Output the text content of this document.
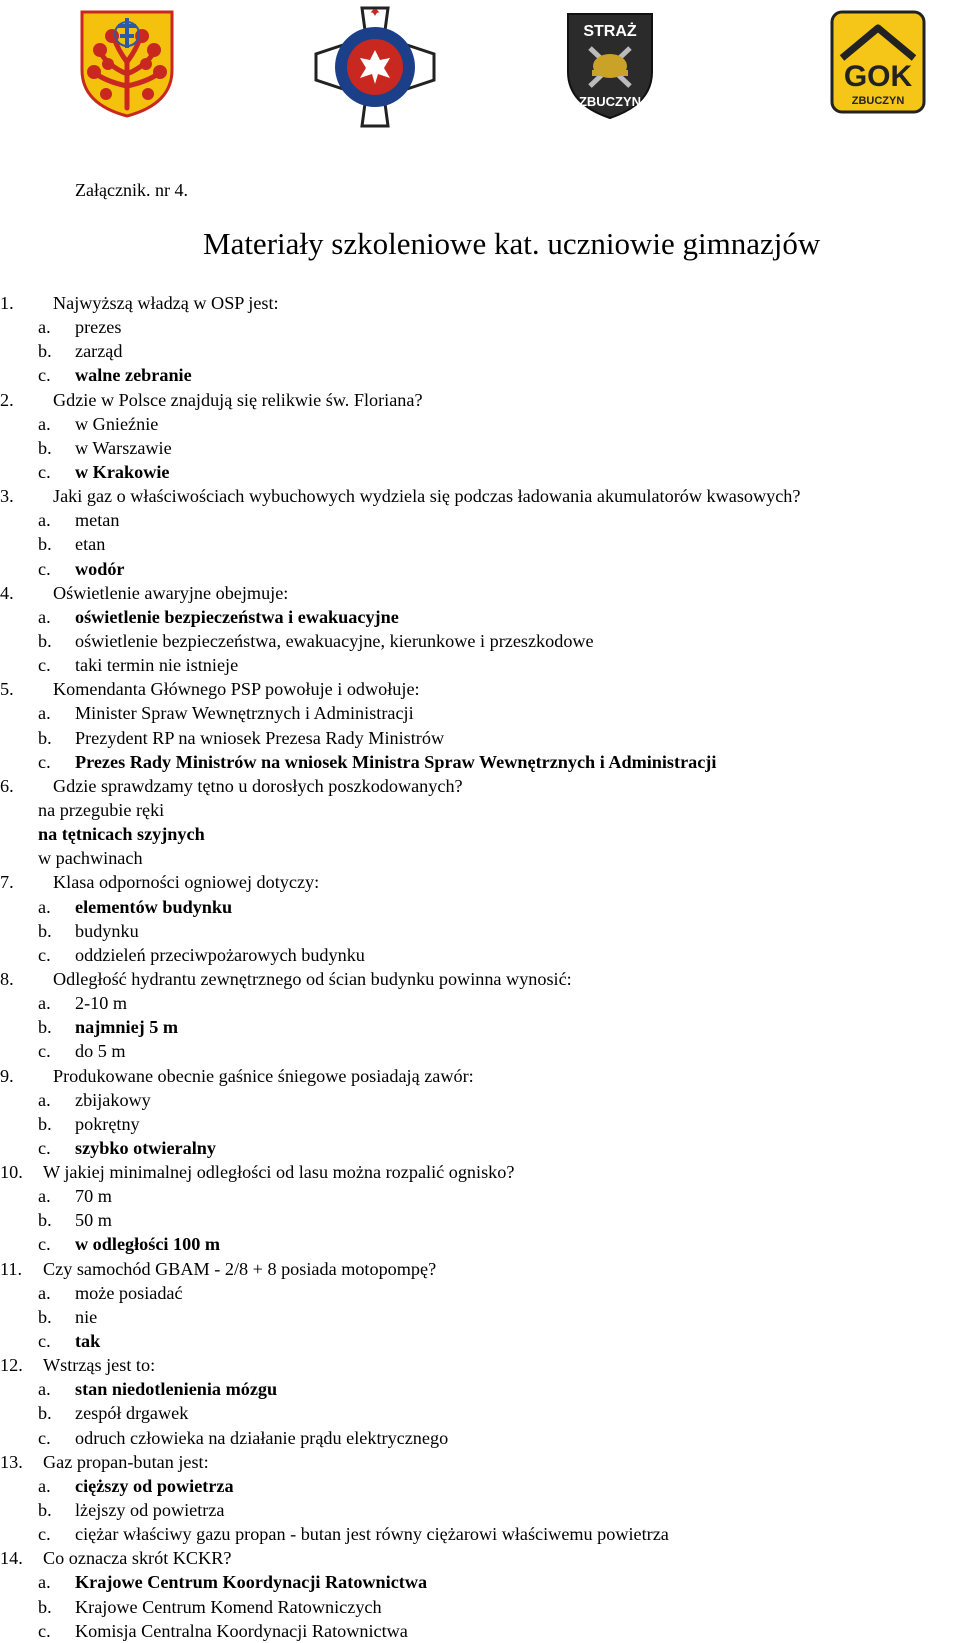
STRAŻ
ZBUCZYN
GOK
ZBUCZYN
Załącznik. nr 4.
Materiały szkoleniowe kat. uczniowie gimnazjów
1. Najwyższą władzą w OSP jest:
a. prezes
b. zarząd
c. walne zebranie
2. Gdzie w Polsce znajdują się relikwie św. Floriana?
a. w Gnieźnie
b. w Warszawie
c. w Krakowie
3. Jaki gaz o właściwościach wybuchowych wydziela się podczas ładowania akumulatorów kwasowych?
a. metan
b. etan
c. wodór
4. Oświetlenie awaryjne obejmuje:
a. oświetlenie bezpieczeństwa i ewakuacyjne
b. oświetlenie bezpieczeństwa, ewakuacyjne, kierunkowe i przeszkodowe
c. taki termin nie istnieje
5. Komendanta Głównego PSP powołuje i odwołuje:
a. Minister Spraw Wewnętrznych i Administracji
b. Prezydent RP na wniosek Prezesa Rady Ministrów
c. Prezes Rady Ministrów na wniosek Ministra Spraw Wewnętrznych i Administracji
6. Gdzie sprawdzamy tętno u dorosłych poszkodowanych?
na przegubie ręki
na tętnicach szyjnych
w pachwinach
7. Klasa odporności ogniowej dotyczy:
a. elementów budynku
b. budynku
c. oddzieleń przeciwpożarowych budynku
8. Odległość hydrantu zewnętrznego od ścian budynku powinna wynosić:
a. 2-10 m
b. najmniej 5 m
c. do 5 m
9. Produkowane obecnie gaśnice śniegowe posiadają zawór:
a. zbijakowy
b. pokrętny
c. szybko otwieralny
10. W jakiej minimalnej odległości od lasu można rozpalić ognisko?
a. 70 m
b. 50 m
c. w odległości 100 m
11. Czy samochód GBAM - 2/8 + 8 posiada motopompę?
a. może posiadać
b. nie
c. tak
12. Wstrząs jest to:
a. stan niedotlenienia mózgu
b. zespół drgawek
c. odruch człowieka na działanie prądu elektrycznego
13. Gaz propan-butan jest:
a. cięższy od powietrza
b. lżejszy od powietrza
c. ciężar właściwy gazu propan - butan jest równy ciężarowi właściwemu powietrza
14. Co oznacza skrót KCKR?
a. Krajowe Centrum Koordynacji Ratownictwa
b. Krajowe Centrum Komend Ratowniczych
c. Komisja Centralna Koordynacji Ratownictwa
